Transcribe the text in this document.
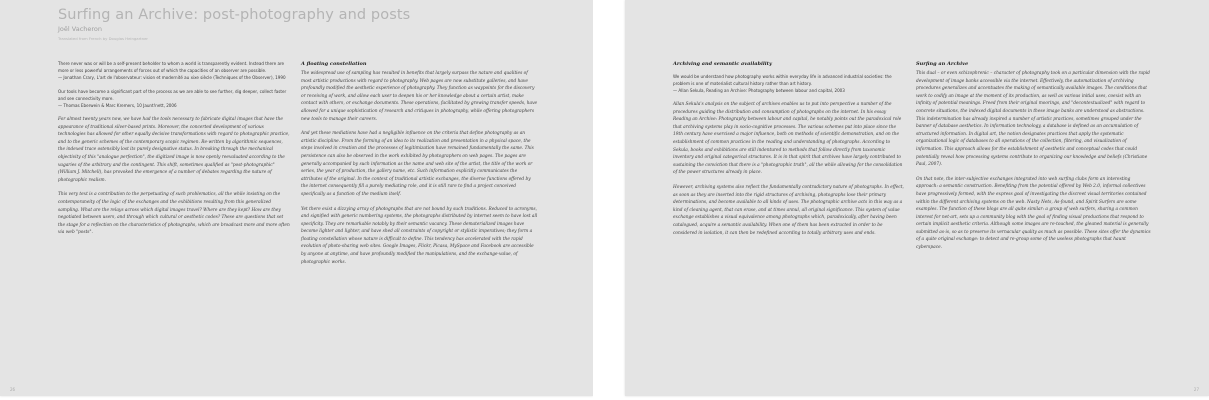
Surfing an Archive: post-photography and posts
Joël Vacheron
Translated from French by Douglas Heingartner

There never was or will be a self-present beholder to whom a world is transparently evident. Instead there are more or less powerful arrangements of forces out of which the capacities of an observer are possible.

— Jonathan Crary, L'art de l'observateur: vision et modernité au xixe siècle (Techniques of the Observer), 1990

Our tools have become a significant part of the process as we are able to see further, dig deeper, collect faster and see connectivity more.

— Thomas Eberwein & Marc Kremers, 10 Jaunt!nett, 2006

For almost twenty years now, we have had the tools necessary to fabricate digital images that have the appearance of traditional silver-based prints. Moreover, the concerted development of various technologies has allowed for other equally decisive transformations with regard to photographic practice, and to the generic schemes of the contemporary scopic regimen. Re-written by algorithmic sequences, the indexed trace ostensibly lost its purely designative status. In breaking through the mechanical objectivity of this "analogue perfection", the digitized image is now openly reevaluated according to the vagaries of the arbitrary and the contingent. This shift, sometimes qualified as "post-photographic" (William J. Mitchell), has provoked the emergence of a number of debates regarding the nature of photographic realism.

This very text is a contribution to the perpetuating of such problematics, all the while insisting on the contemporaneity of the logic of the exchanges and the exhibitions resulting from this generalized sampling. What are the relays across which digital images travel? Where are they kept? How are they negotiated between users, and through which cultural or aesthetic codes? These are questions that set the stage for a reflection on the characteristics of photographs, which are broadcast more and more often via web "posts".

A floating constellation

The widespread use of sampling has resulted in benefits that largely surpass the nature and qualities of most artistic productions with regard to photography. Web pages are now substitute galleries, and have profoundly modified the aesthetic experience of photography. They function as waypoints for the discovery or receiving of work, and allow each user to deepen his or her knowledge about a certain artist, make contact with others, or exchange documents. These operations, facilitated by growing transfer speeds, have allowed for a unique sophistication of research and critiques in photography, while offering photographers new tools to manage their careers.

And yet these mediations have had a negligible influence on the criteria that define photography as an artistic discipline. From the forming of an idea to its realization and presentation in a physical space, the steps involved in creation and the processes of legitimization have remained fundamentally the same. This persistence can also be observed in the work exhibited by photographers on web pages. The pages are generally accompanied by such information as the name and web site of the artist, the title of the work or series, the year of production, the gallery name, etc. Such information explicitly communicates the attributes of the original. In the context of traditional artistic exchanges, the diverse functions offered by the internet consequently fill a purely mediating role, and it is still rare to find a project conceived specifically as a function of the medium itself.

Yet there exist a dizzying array of photographs that are not bound by such traditions. Reduced to acronyms, and signified with generic numbering systems, the photographs distributed by internet seem to have lost all specificity. They are remarkable notably by their semantic vacancy. These dematerialized images have become lighter and lighter, and have shed all constraints of copyright or stylistic imperatives; they form a floating constellation whose nature is difficult to define. This tendency has accelerated with the rapid evolution of photo-sharing web sites. Google Images, Flickr, Picasa, MySpace and Facebook are accessible by anyone at anytime, and have profoundly modified the manipulations, and the exchange-value, of photographic works.

26

Archiving and semantic availability

We would be understand how photography works within everyday life in advanced industrial societies: the problem is one of materialist cultural history rather than art history.

— Allan Sekula, Reading an Archive: Photography between labour and capital, 2003

Allan Sekula's analysis on the subject of archives enables us to put into perspective a number of the procedures guiding the distribution and consumption of photographs on the internet. In his essay Reading an Archive: Photography between labour and capital, he notably points out the paradoxical role that archiving systems play in socio-cognitive processes. The various schemes put into place since the 19th century have exercised a major influence, both on methods of scientific demonstration, and on the establishment of common practices in the reading and understanding of photographs. According to Sekula, books and exhibitions are still indentured to methods that follow directly from taxonomic inventory and original categorical structures. It is in that spirit that archives have largely contributed to sustaining the conviction that there is a "photographic truth", all the while allowing for the consolidation of the power structures already in place.

However, archiving systems also reflect the fundamentally contradictory nature of photographs. In effect, as soon as they are inserted into the rigid structures of archiving, photographs lose their primary determinations, and become available to all kinds of uses. The photographic archive acts in this way as a kind of cleaning agent, that can erase, and at times annul, all original significance. This system of value exchange establishes a visual equivalence among photographs which, paradoxically, after having been catalogued, acquire a semantic availability. When one of them has been extracted in order to be considered in isolation, it can then be redefined according to totally arbitrary uses and ends.

Surfing an Archive

This dual – or even schizophrenic – character of photography took on a particular dimension with the rapid development of image banks accessible via the internet. Effectively, the automatization of archiving procedures generalizes and accentuates the making of semantically available images. The conditions that work to codify an image at the moment of its production, as well as various initial uses, coexist with an infinity of potential meanings. Freed from their original moorings, and "decontextualized" with regard to concrete situations, the indexed digital documents in these image banks are understood as abstractions. This indetermination has already inspired a number of artistic practices, sometimes grouped under the banner of database aesthetics. In information technology, a database is defined as an accumulation of structured information. In digital art, the notion designates practices that apply the systematic organizational logic of databases to all operations of the collection, filtering, and visualization of information. This approach allows for the establishment of aesthetic and conceptual codes that could potentially reveal how processing systems contribute to organizing our knowledge and beliefs (Christiane Paul, 2007).

On that note, the inter-subjective exchanges integrated into web surfing clubs form an interesting approach: a semantic construction. Benefiting from the potential offered by Web 2.0, informal collectives have progressively formed, with the express goal of investigating the discreet visual territories contained within the different archiving systems on the web. Nasty Nets, As-found, and Spirit Surfers are some examples. The function of these blogs are all quite similar: a group of web surfers, sharing a common interest for net-art, sets up a community blog with the goal of finding visual productions that respond to certain implicit aesthetic criteria. Although some images are re-touched, the gleaned material is generally submitted as-is, so as to preserve its vernacular quality as much as possible. These sites offer the dynamics of a quite original exchange: to detect and re-group some of the useless photographs that haunt cyberspace.

27
